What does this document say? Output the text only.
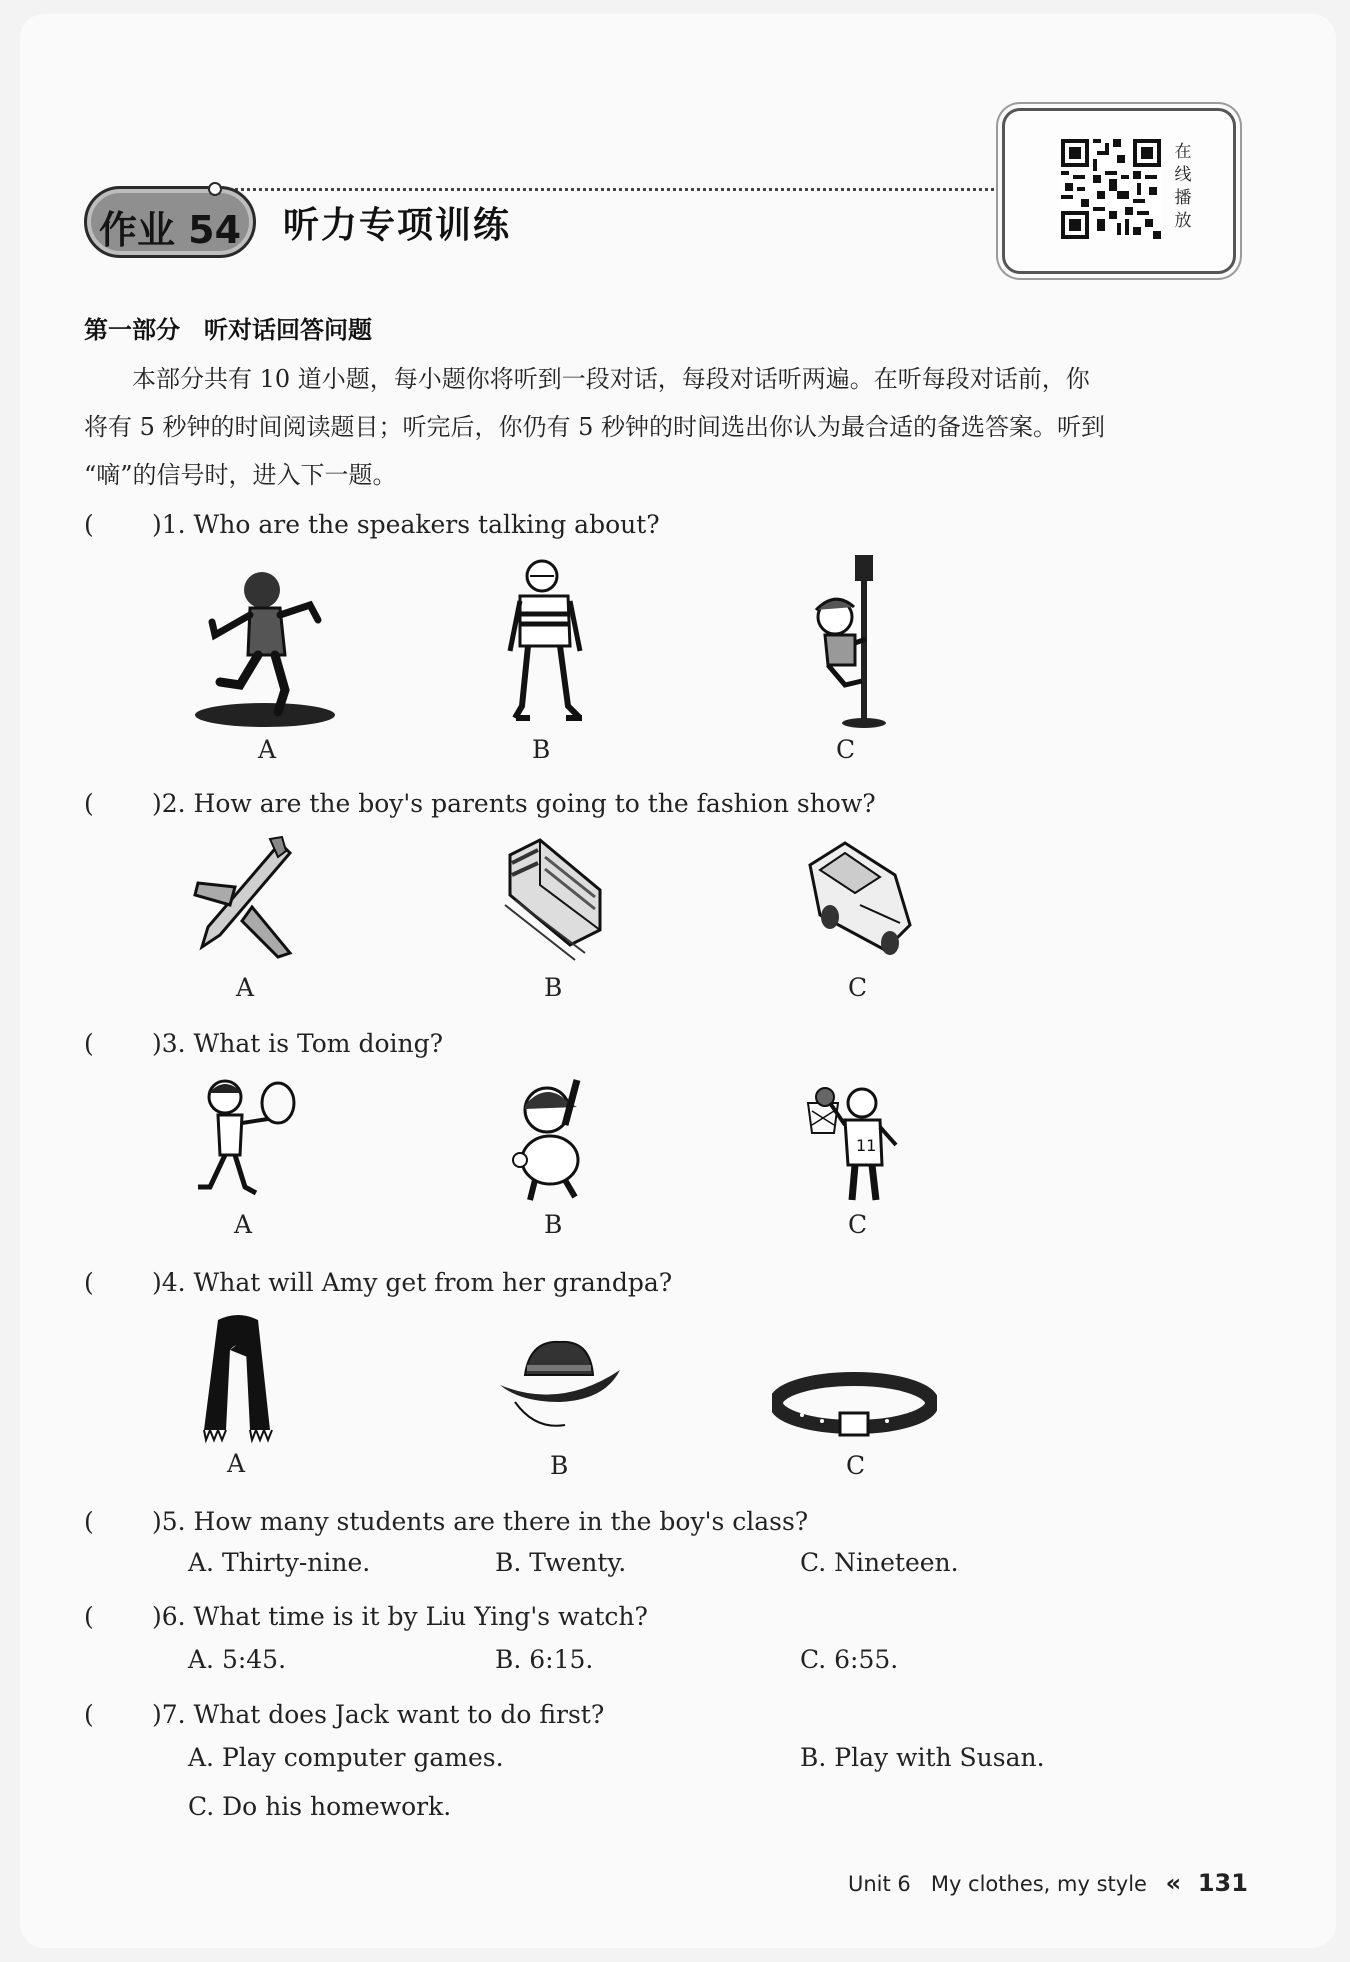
作业 54	听力专项训练
在
线
播
放
第一部分　听对话回答问题

本部分共有 10 道小题，每小题你将听到一段对话，每段对话听两遍。在听每段对话前，你

将有 5 秒钟的时间阅读题目；听完后，你仍有 5 秒钟的时间选出你认为最合适的备选答案。听到

“嘀”的信号时，进入下一题。

(　　)1. Who are the speakers talking about?
A	B	C
(　　)2. How are the boy's parents going to the fashion show?
A	B	C
(　　)3. What is Tom doing?
A	B
11
C
(　　)4. What will Amy get from her grandpa?
A	B	C
(　　)5. How many students are there in the boy's class?
A. Thirty-nine.	B. Twenty.	C. Nineteen.
(　　)6. What time is it by Liu Ying's watch?
A. 5:45.	B. 6:15.	C. 6:55.
(　　)7. What does Jack want to do first?
A. Play computer games.	B. Play with Susan.
C. Do his homework.
Unit 6 My clothes, my style « 131
